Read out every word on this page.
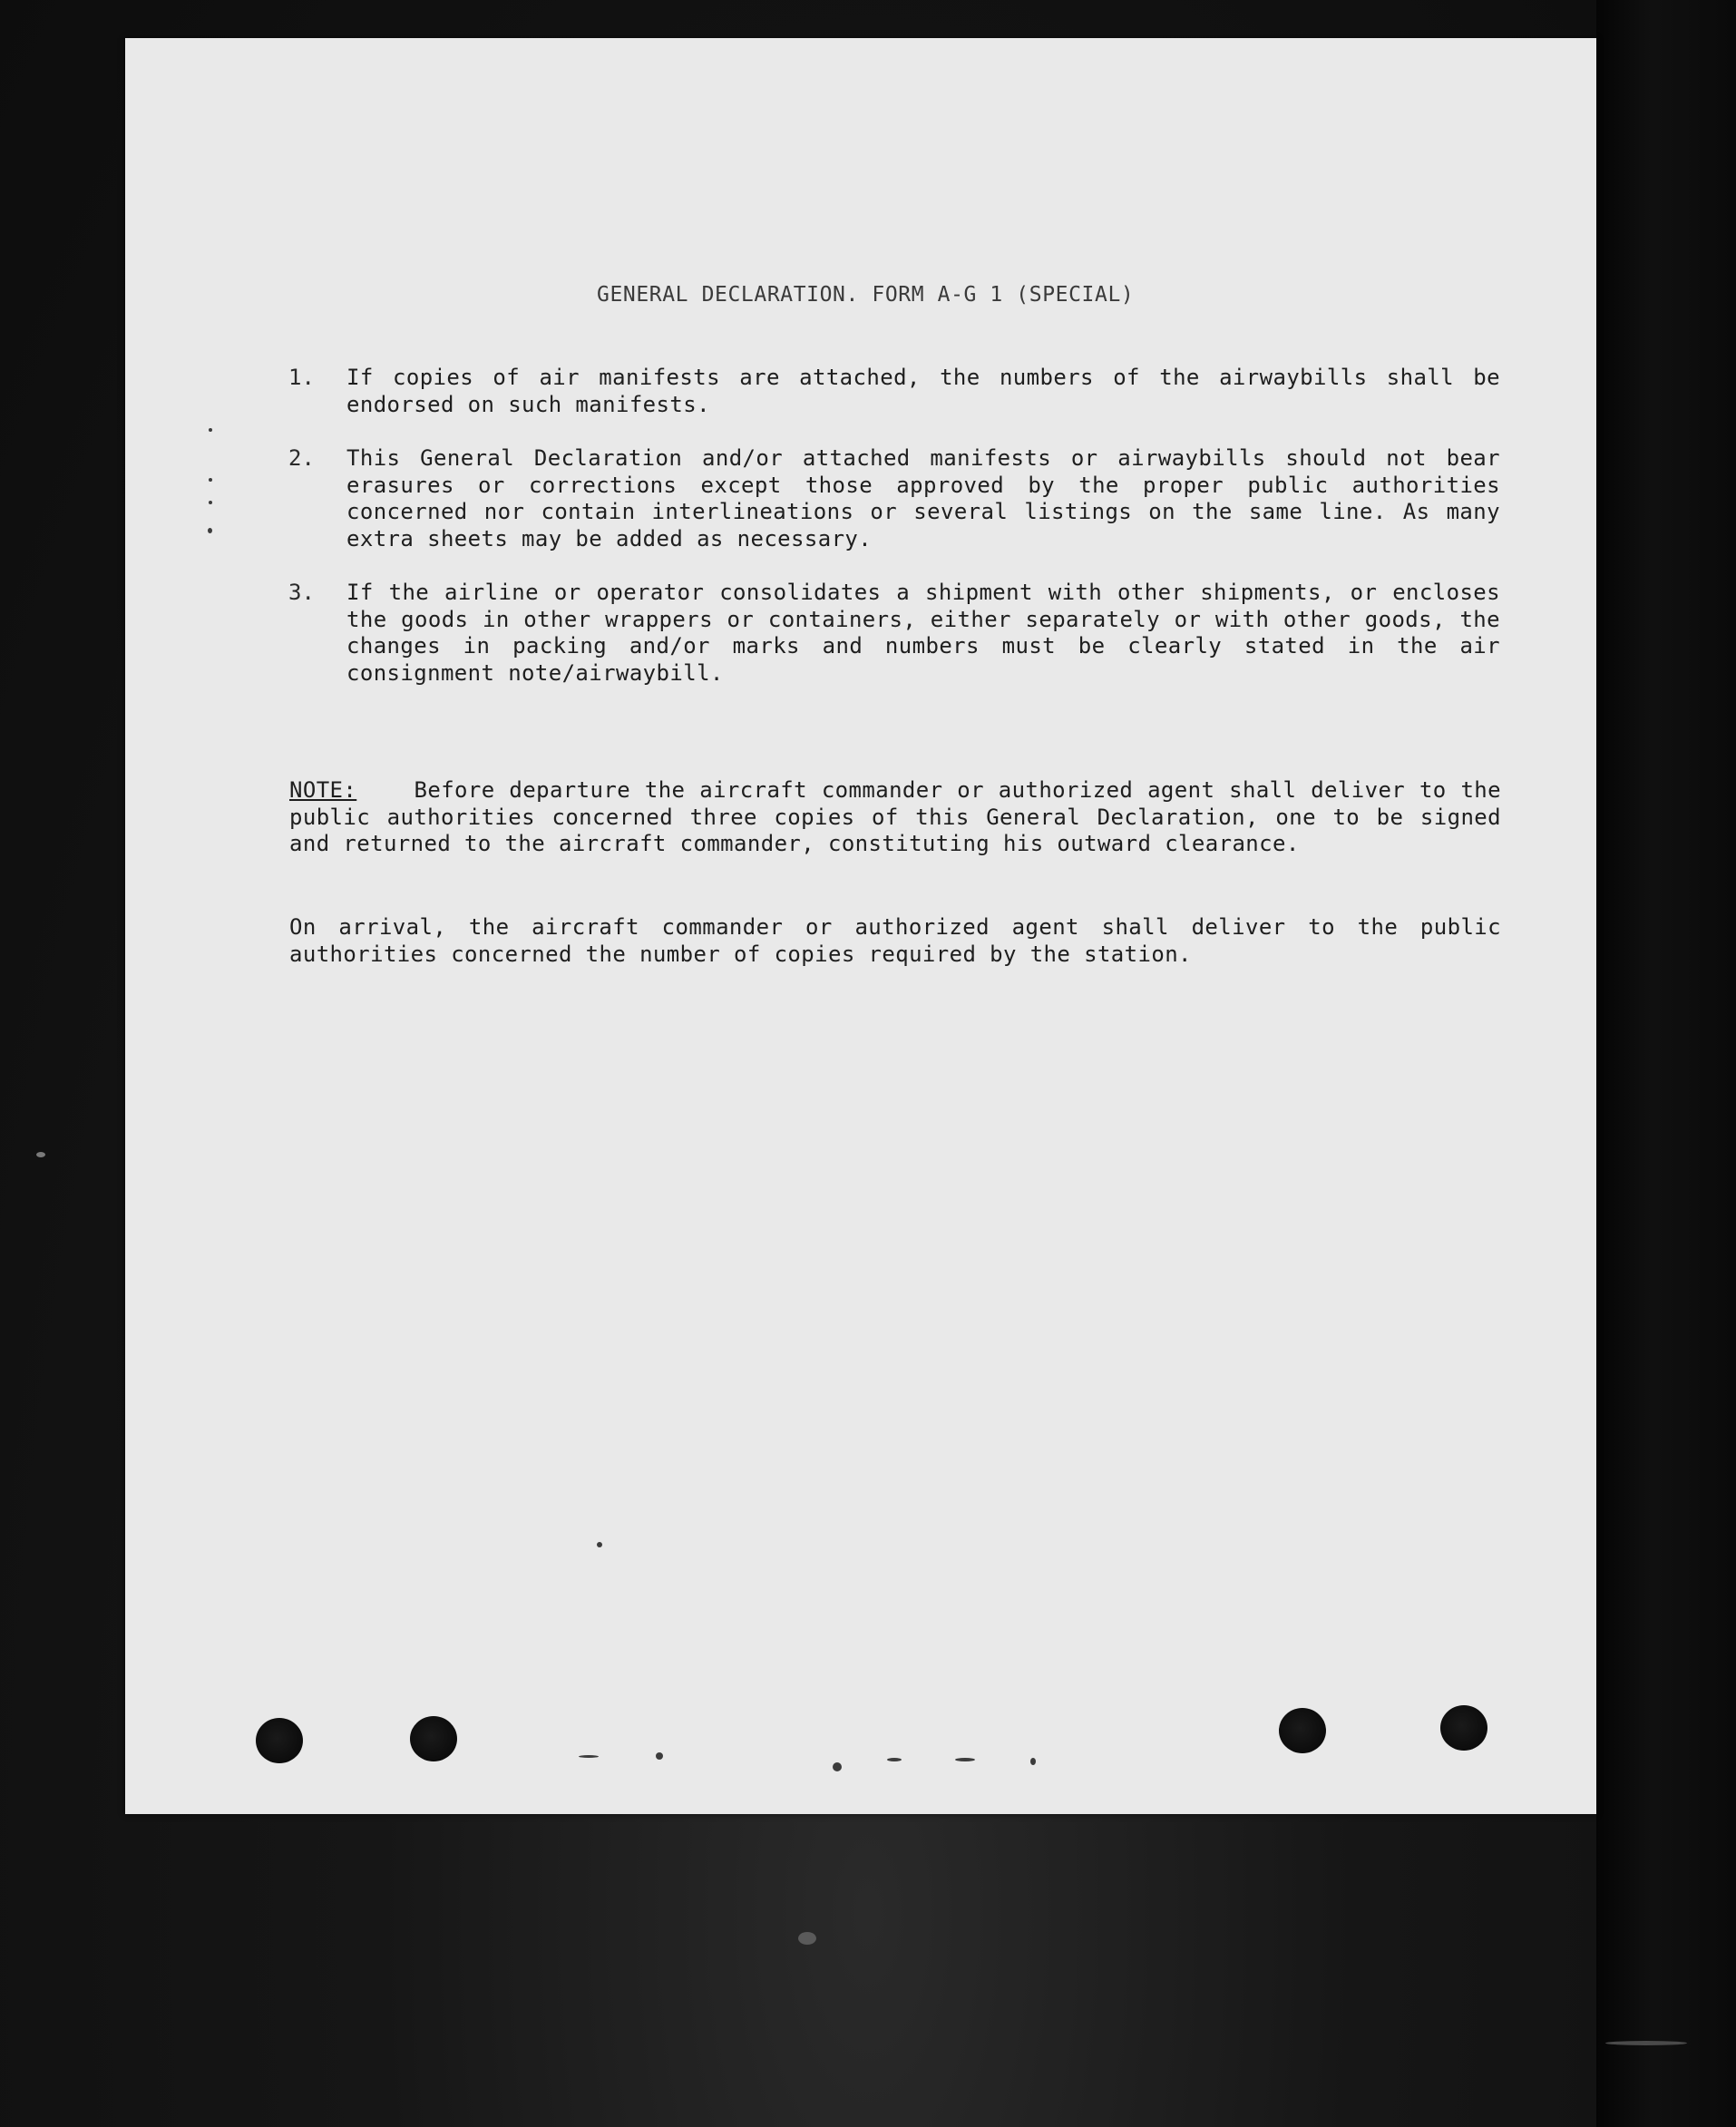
GENERAL DECLARATION. FORM A-G 1 (SPECIAL)
1. If copies of air manifests are attached, the numbers of the airwaybills shall be endorsed on such manifests.
2. This General Declaration and/or attached manifests or airwaybills should not bear erasures or corrections except those approved by the proper public authorities concerned nor contain interlineations or several listings on the same line. As many extra sheets may be added as necessary.
3. If the airline or operator consolidates a shipment with other shipments, or encloses the goods in other wrappers or containers, either separately or with other goods, the changes in packing and/or marks and numbers must be clearly stated in the air consignment note/airwaybill.
NOTE:	Before departure the aircraft commander or authorized agent shall deliver to the public authorities concerned three copies of this General Declaration, one to be signed and returned to the aircraft commander, constituting his outward clearance.
On arrival, the aircraft commander or authorized agent shall deliver to the public authorities concerned the number of copies required by the station.
